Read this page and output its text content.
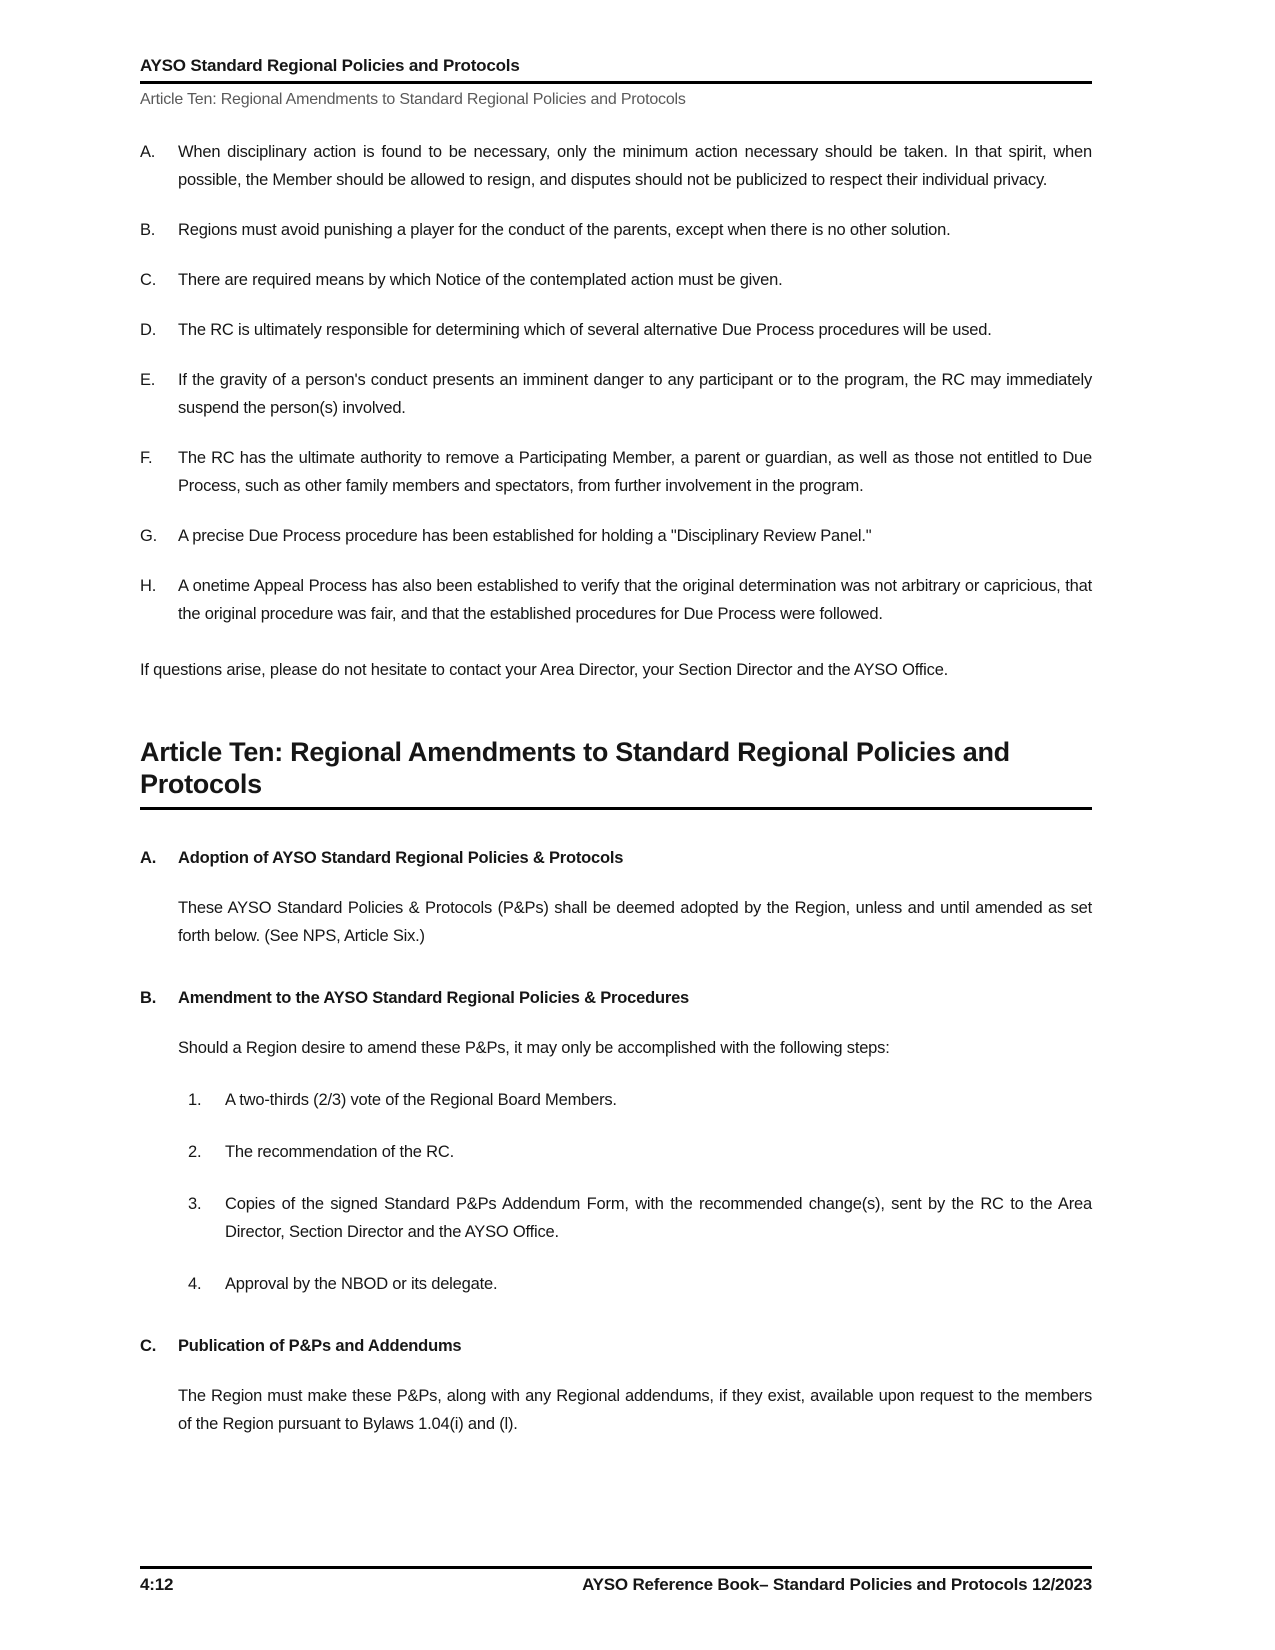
AYSO Standard Regional Policies and Protocols
Article Ten: Regional Amendments to Standard Regional Policies and Protocols
A.	When disciplinary action is found to be necessary, only the minimum action necessary should be taken. In that spirit, when possible, the Member should be allowed to resign, and disputes should not be publicized to respect their individual privacy.
B.	Regions must avoid punishing a player for the conduct of the parents, except when there is no other solution.
C.	There are required means by which Notice of the contemplated action must be given.
D.	The RC is ultimately responsible for determining which of several alternative Due Process procedures will be used.
E.	If the gravity of a person's conduct presents an imminent danger to any participant or to the program, the RC may immediately suspend the person(s) involved.
F.	The RC has the ultimate authority to remove a Participating Member, a parent or guardian, as well as those not entitled to Due Process, such as other family members and spectators, from further involvement in the program.
G.	A precise Due Process procedure has been established for holding a "Disciplinary Review Panel."
H.	A onetime Appeal Process has also been established to verify that the original determination was not arbitrary or capricious, that the original procedure was fair, and that the established procedures for Due Process were followed.
If questions arise, please do not hesitate to contact your Area Director, your Section Director and the AYSO Office.
Article Ten: Regional Amendments to Standard Regional Policies and Protocols
A.	Adoption of AYSO Standard Regional Policies & Protocols
These AYSO Standard Policies & Protocols (P&Ps) shall be deemed adopted by the Region, unless and until amended as set forth below. (See NPS, Article Six.)
B.	Amendment to the AYSO Standard Regional Policies & Procedures
Should a Region desire to amend these P&Ps, it may only be accomplished with the following steps:
1.	A two-thirds (2/3) vote of the Regional Board Members.
2.	The recommendation of the RC.
3.	Copies of the signed Standard P&Ps Addendum Form, with the recommended change(s), sent by the RC to the Area Director, Section Director and the AYSO Office.
4.	Approval by the NBOD or its delegate.
C.	Publication of P&Ps and Addendums
The Region must make these P&Ps, along with any Regional addendums, if they exist, available upon request to the members of the Region pursuant to Bylaws 1.04(i) and (l).
4:12	AYSO Reference Book– Standard Policies and Protocols 12/2023
